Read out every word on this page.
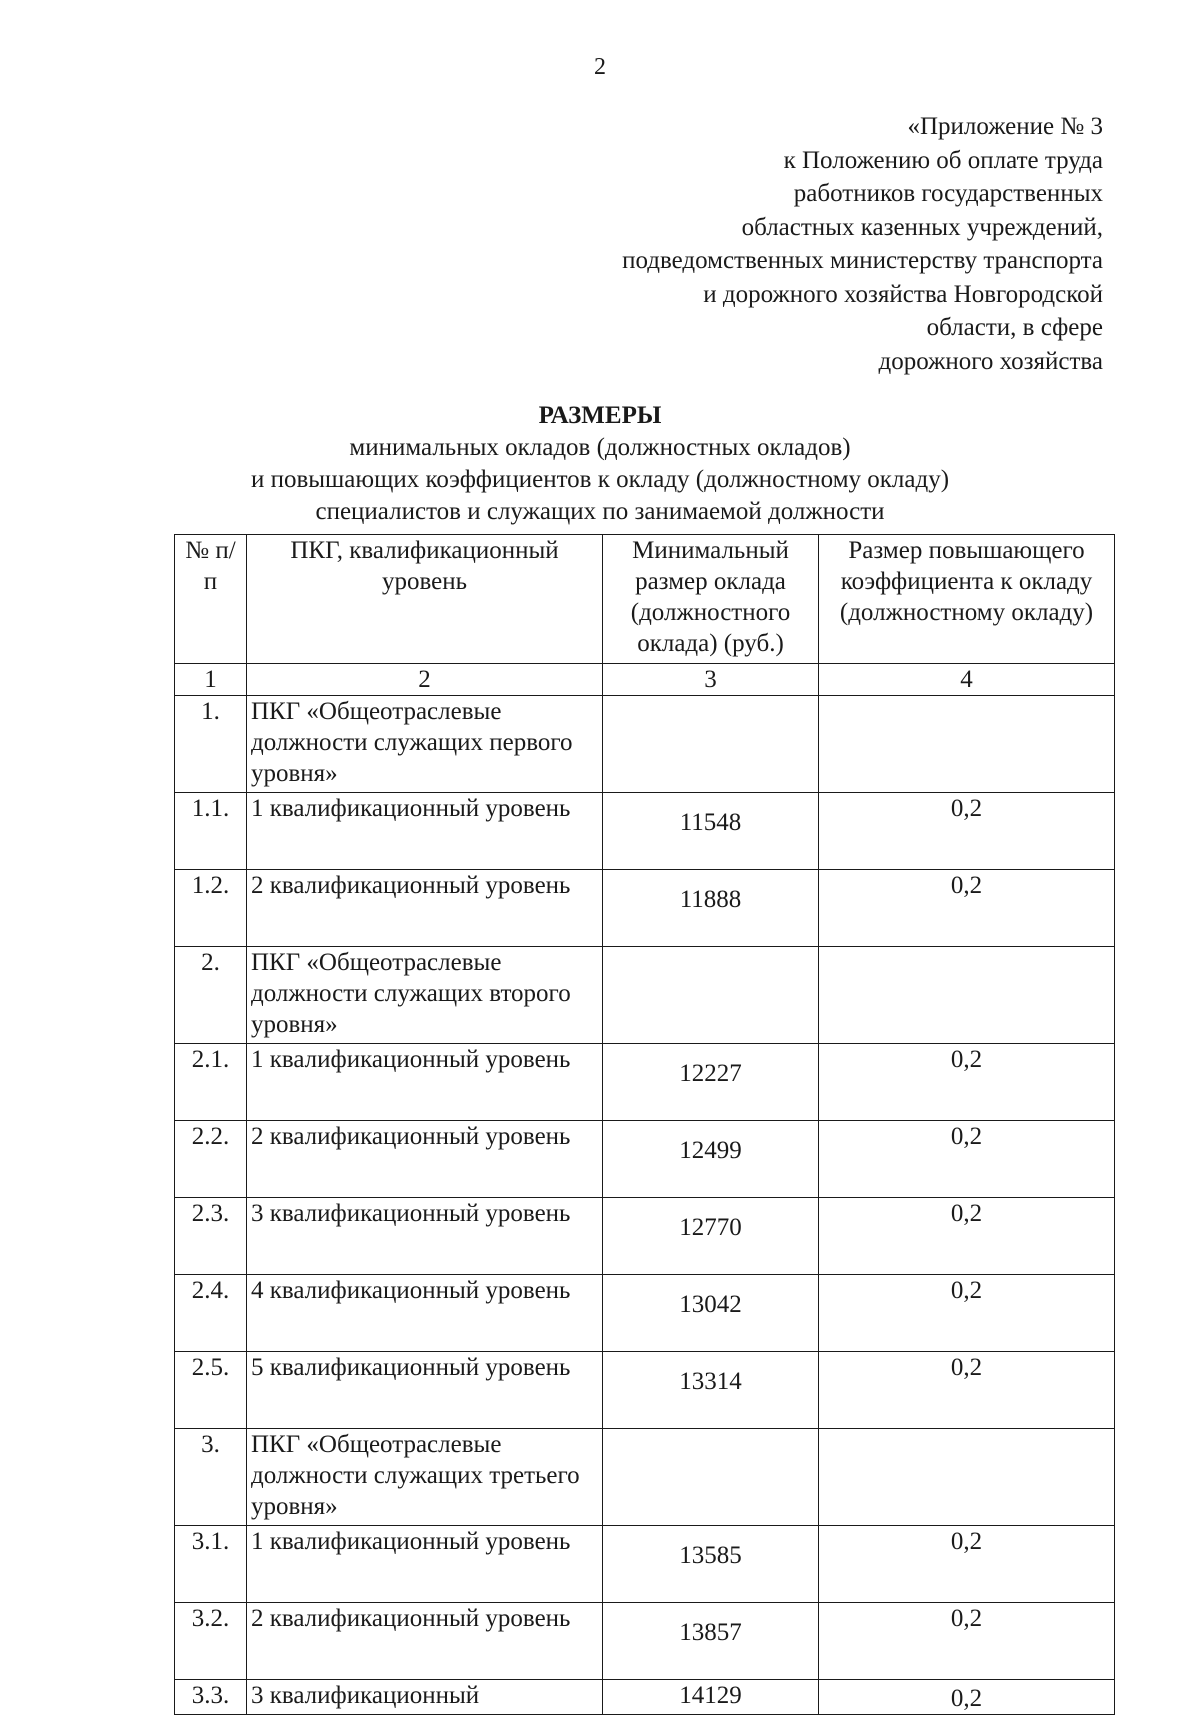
2
«Приложение № 3
к Положению об оплате труда
работников государственных
областных казенных учреждений,
подведомственных министерству транспорта
и дорожного хозяйства Новгородской
области, в сфере
дорожного хозяйства
РАЗМЕРЫ
минимальных окладов (должностных окладов)
и повышающих коэффициентов к окладу (должностному окладу)
специалистов и служащих по занимаемой должности
№ п/п	ПКГ, квалификационный уровень	Минимальный размер оклада (должностного оклада) (руб.)	Размер повышающего коэффициента к окладу (должностному окладу)
1	2	3	4
1.	ПКГ «Общеотраслевые должности служащих первого уровня»		
1.1.	1 квалификационный уровень	11548	0,2
1.2.	2 квалификационный уровень	11888	0,2
2.	ПКГ «Общеотраслевые должности служащих второго уровня»		
2.1.	1 квалификационный уровень	12227	0,2
2.2.	2 квалификационный уровень	12499	0,2
2.3.	3 квалификационный уровень	12770	0,2
2.4.	4 квалификационный уровень	13042	0,2
2.5.	5 квалификационный уровень	13314	0,2
3.	ПКГ «Общеотраслевые должности служащих третьего уровня»		
3.1.	1 квалификационный уровень	13585	0,2
3.2.	2 квалификационный уровень	13857	0,2
3.3.	3 квалификационный	14129	0,2
